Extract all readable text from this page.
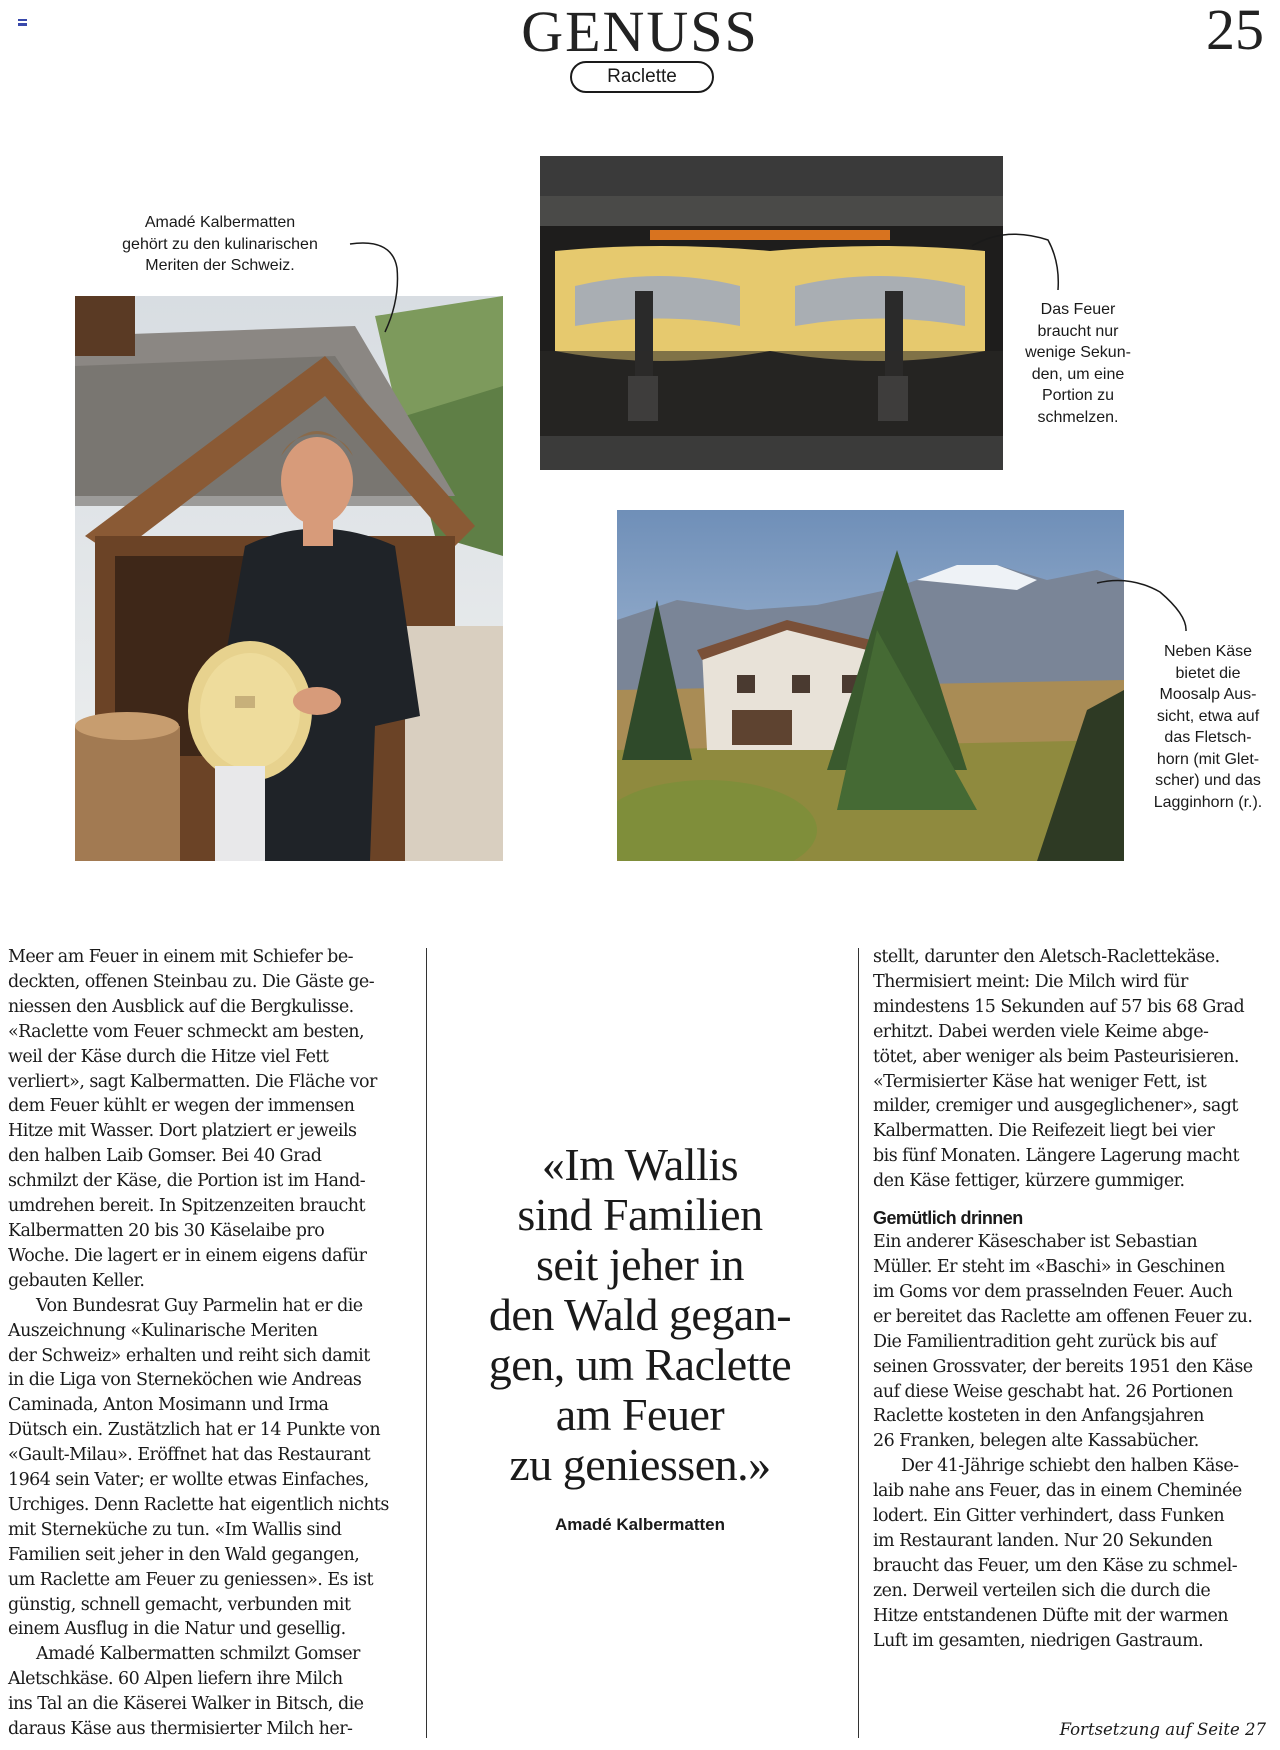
GENUSS	25
Raclette
Amadé Kalbermatten
gehört zu den kulinarischen
Meriten der Schweiz.
Das Feuer
braucht nur
wenige Sekun-
den, um eine
Portion zu
schmelzen.
Neben Käse
bietet die
Moosalp Aus-
sicht, etwa auf
das Fletsch-
horn (mit Glet-
scher) und das
Lagginhorn (r.).

Meer am Feuer in einem mit Schiefer be-
deckten, offenen Steinbau zu. Die Gäste ge-
niessen den Ausblick auf die Bergkulisse.
«Raclette vom Feuer schmeckt am besten,
weil der Käse durch die Hitze viel Fett
verliert», sagt Kalbermatten. Die Fläche vor
dem Feuer kühlt er wegen der immensen
Hitze mit Wasser. Dort platziert er jeweils
den halben Laib Gomser. Bei 40 Grad
schmilzt der Käse, die Portion ist im Hand-
umdrehen bereit. In Spitzenzeiten braucht
Kalbermatten 20 bis 30 Käselaibe pro
Woche. Die lagert er in einem eigens dafür
gebauten Keller.

Von Bundesrat Guy Parmelin hat er die
Auszeichnung «Kulinarische Meriten
der Schweiz» erhalten und reiht sich damit
in die Liga von Sterneköchen wie Andreas
Caminada, Anton Mosimann und Irma
Dütsch ein. Zustätzlich hat er 14 Punkte von
«Gault-Milau». Eröffnet hat das Restaurant
1964 sein Vater; er wollte etwas Einfaches,
Urchiges. Denn Raclette hat eigentlich nichts
mit Sterneküche zu tun. «Im Wallis sind
Familien seit jeher in den Wald gegangen,
um Raclette am Feuer zu geniessen». Es ist
günstig, schnell gemacht, verbunden mit
einem Ausflug in die Natur und gesellig.

Amadé Kalbermatten schmilzt Gomser
Aletschkäse. 60 Alpen liefern ihre Milch
ins Tal an die Käserei Walker in Bitsch, die
daraus Käse aus thermisierter Milch her-

«Im Wallis
sind Familien
seit jeher in
den Wald gegan-
gen, um Raclette
am Feuer
zu geniessen.»
Amadé Kalbermatten

stellt, darunter den Aletsch-Raclettekäse.
Thermisiert meint: Die Milch wird für
mindestens 15 Sekunden auf 57 bis 68 Grad
erhitzt. Dabei werden viele Keime abge-
tötet, aber weniger als beim Pasteurisieren.
«Termisierter Käse hat weniger Fett, ist
milder, cremiger und ausgeglichener», sagt
Kalbermatten. Die Reifezeit liegt bei vier
bis fünf Monaten. Längere Lagerung macht
den Käse fettiger, kürzere gummiger.

Gemütlich drinnen

Ein anderer Käseschaber ist Sebastian
Müller. Er steht im «Baschi» in Geschinen
im Goms vor dem prasselnden Feuer. Auch
er bereitet das Raclette am offenen Feuer zu.
Die Familientradition geht zurück bis auf
seinen Grossvater, der bereits 1951 den Käse
auf diese Weise geschabt hat. 26 Portionen
Raclette kosteten in den Anfangsjahren
26 Franken, belegen alte Kassabücher.

Der 41-Jährige schiebt den halben Käse-
laib nahe ans Feuer, das in einem Cheminée
lodert. Ein Gitter verhindert, dass Funken
im Restaurant landen. Nur 20 Sekunden
braucht das Feuer, um den Käse zu schmel-
zen. Derweil verteilen sich die durch die
Hitze entstandenen Düfte mit der warmen
Luft im gesamten, niedrigen Gastraum.

Fortsetzung auf Seite 27
